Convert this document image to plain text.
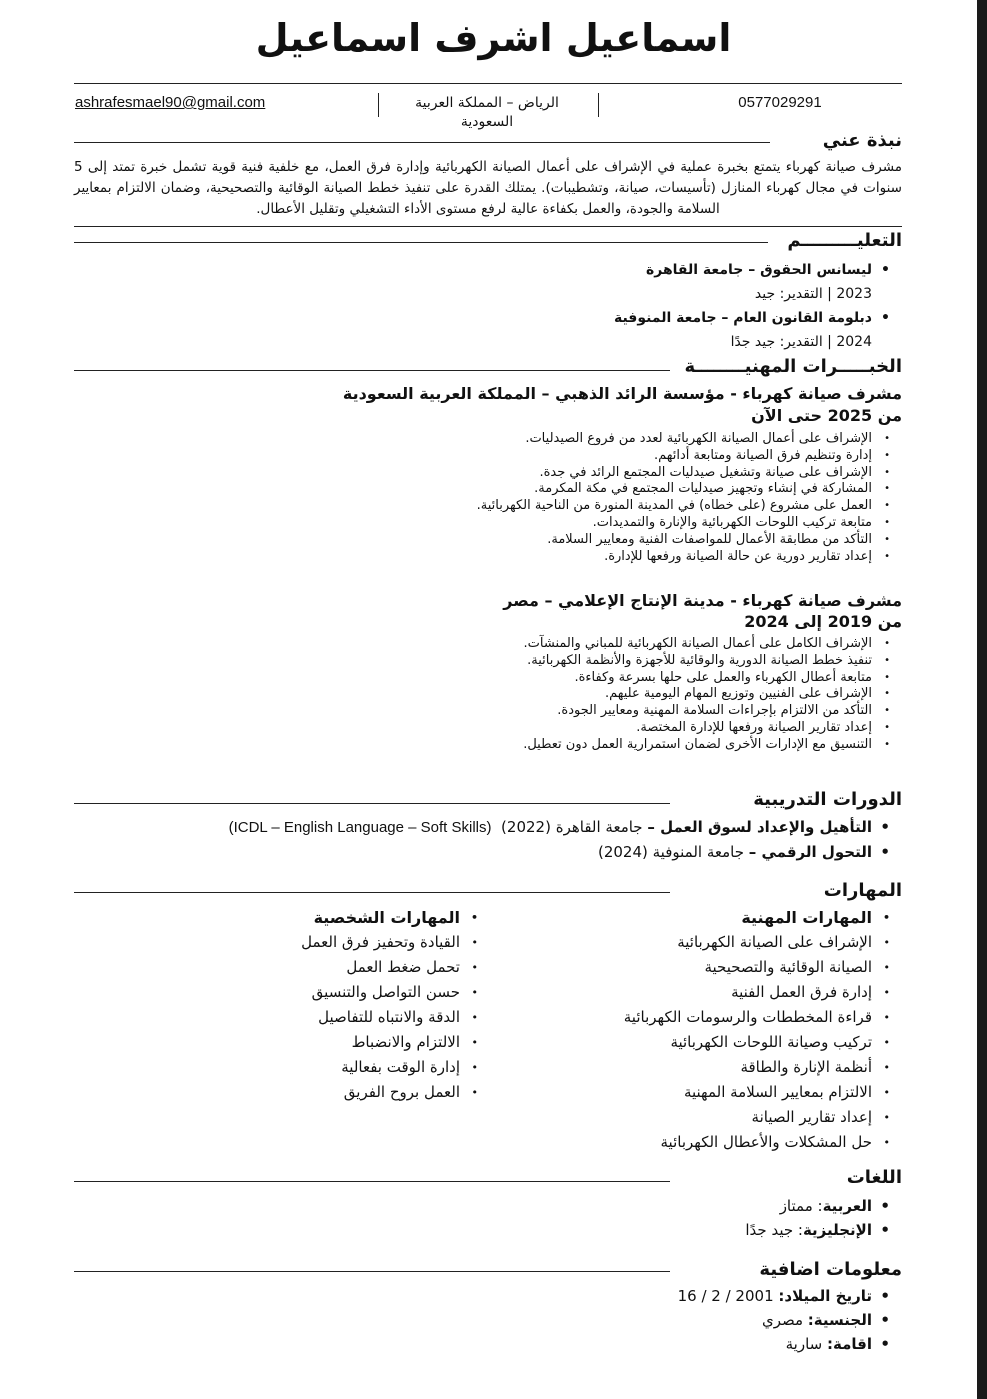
اسماعيل اشرف اسماعيل
ashrafesmael90@gmail.com	الرياض – المملكة العربية السعودية
0577029291
نبذة عني
مشرف صيانة كهرباء يتمتع بخبرة عملية في الإشراف على أعمال الصيانة الكهربائية وإدارة فرق العمل، مع خلفية فنية قوية تشمل خبرة تمتد إلى 5 سنوات في مجال كهرباء المنازل (تأسيسات، صيانة، وتشطيبات). يمتلك القدرة على تنفيذ خطط الصيانة الوقائية والتصحيحية، وضمان الالتزام بمعايير السلامة والجودة، والعمل بكفاءة عالية لرفع مستوى الأداء التشغيلي وتقليل الأعطال.
التعليـــــــــم
• ليسانس الحقوق – جامعة القاهرة
2023 | التقدير: جيد
• دبلومة القانون العام – جامعة المنوفية
2024 | التقدير: جيد جدًا
الخبـــــرات المهنيــــــــة
مشرف صيانة كهرباء - مؤسسة الرائد الذهبي – المملكة العربية السعودية
من 2025 حتى الآن
• الإشراف على أعمال الصيانة الكهربائية لعدد من فروع الصيدليات.
• إدارة وتنظيم فرق الصيانة ومتابعة أدائهم.
• الإشراف على صيانة وتشغيل صيدليات المجتمع الرائد في جدة.
• المشاركة في إنشاء وتجهيز صيدليات المجتمع في مكة المكرمة.
• العمل على مشروع (على خطاه) في المدينة المنورة من الناحية الكهربائية.
• متابعة تركيب اللوحات الكهربائية والإنارة والتمديدات.
• التأكد من مطابقة الأعمال للمواصفات الفنية ومعايير السلامة.
• إعداد تقارير دورية عن حالة الصيانة ورفعها للإدارة.
مشرف صيانة كهرباء - مدينة الإنتاج الإعلامي – مصر
من 2019 إلى 2024
• الإشراف الكامل على أعمال الصيانة الكهربائية للمباني والمنشآت.
• تنفيذ خطط الصيانة الدورية والوقائية للأجهزة والأنظمة الكهربائية.
• متابعة أعطال الكهرباء والعمل على حلها بسرعة وكفاءة.
• الإشراف على الفنيين وتوزيع المهام اليومية عليهم.
• التأكد من الالتزام بإجراءات السلامة المهنية ومعايير الجودة.
• إعداد تقارير الصيانة ورفعها للإدارة المختصة.
• التنسيق مع الإدارات الأخرى لضمان استمرارية العمل دون تعطيل.
الدورات التدريبية
• التأهيل والإعداد لسوق العمل – جامعة القاهرة (2022)  (ICDL – English Language – Soft Skills)
• التحول الرقمي – جامعة المنوفية (2024)
المهارات
• المهارات المهنية
• الإشراف على الصيانة الكهربائية
• الصيانة الوقائية والتصحيحية
• إدارة فرق العمل الفنية
• قراءة المخططات والرسومات الكهربائية
• تركيب وصيانة اللوحات الكهربائية
• أنظمة الإنارة والطاقة
• الالتزام بمعايير السلامة المهنية
• إعداد تقارير الصيانة
• حل المشكلات والأعطال الكهربائية
• المهارات الشخصية
• القيادة وتحفيز فرق العمل
• تحمل ضغط العمل
• حسن التواصل والتنسيق
• الدقة والانتباه للتفاصيل
• الالتزام والانضباط
• إدارة الوقت بفعالية
• العمل بروح الفريق
اللغات
• العربية: ممتاز
• الإنجليزية: جيد جدًا
معلومات اضافية
• تاريخ الميلاد: 16 / 2 / 2001
• الجنسية: مصري
• اقامة: سارية
